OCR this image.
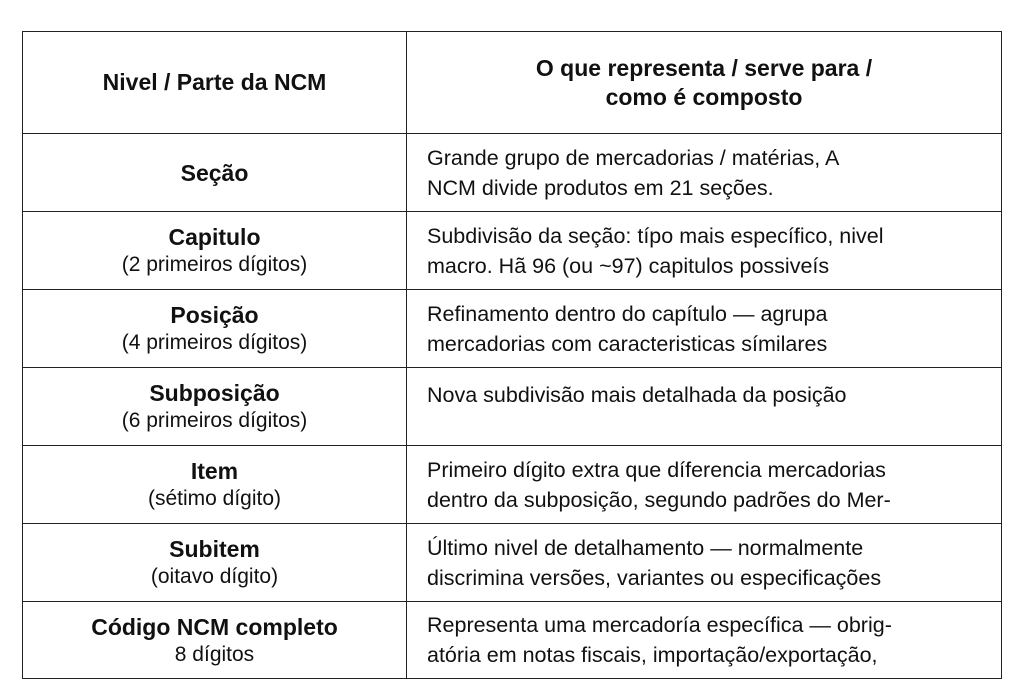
Nivel / Parte da NCM	O que representa / serve para /
como é composto

Seção	Grande grupo de mercadorias / matérias, A
NCM divide produtos em 21 seções.

Capitulo
(2 primeiros dígitos)	Subdivisão da seção: típo mais específico, nivel
macro. Hã 96 (ou ~97) capitulos possiveís

Posição
(4 primeiros dígitos)	Refinamento dentro do capítulo — agrupa
mercadorias com caracteristicas símilares

Subposição
(6 primeiros dígitos)	Nova subdivisão mais detalhada da posição

Item
(sétimo dígito)	Primeiro dígito extra que díferencia mercadorias
dentro da subposição, segundo padrões do Mer-

Subitem
(oitavo dígito)	Último nivel de detalhamento — normalmente
discrimina versões, variantes ou especificações

Código NCM completo
8 dígitos	Representa uma mercadoría específica — obrig-
atória em notas fiscais, importação/exportação,
